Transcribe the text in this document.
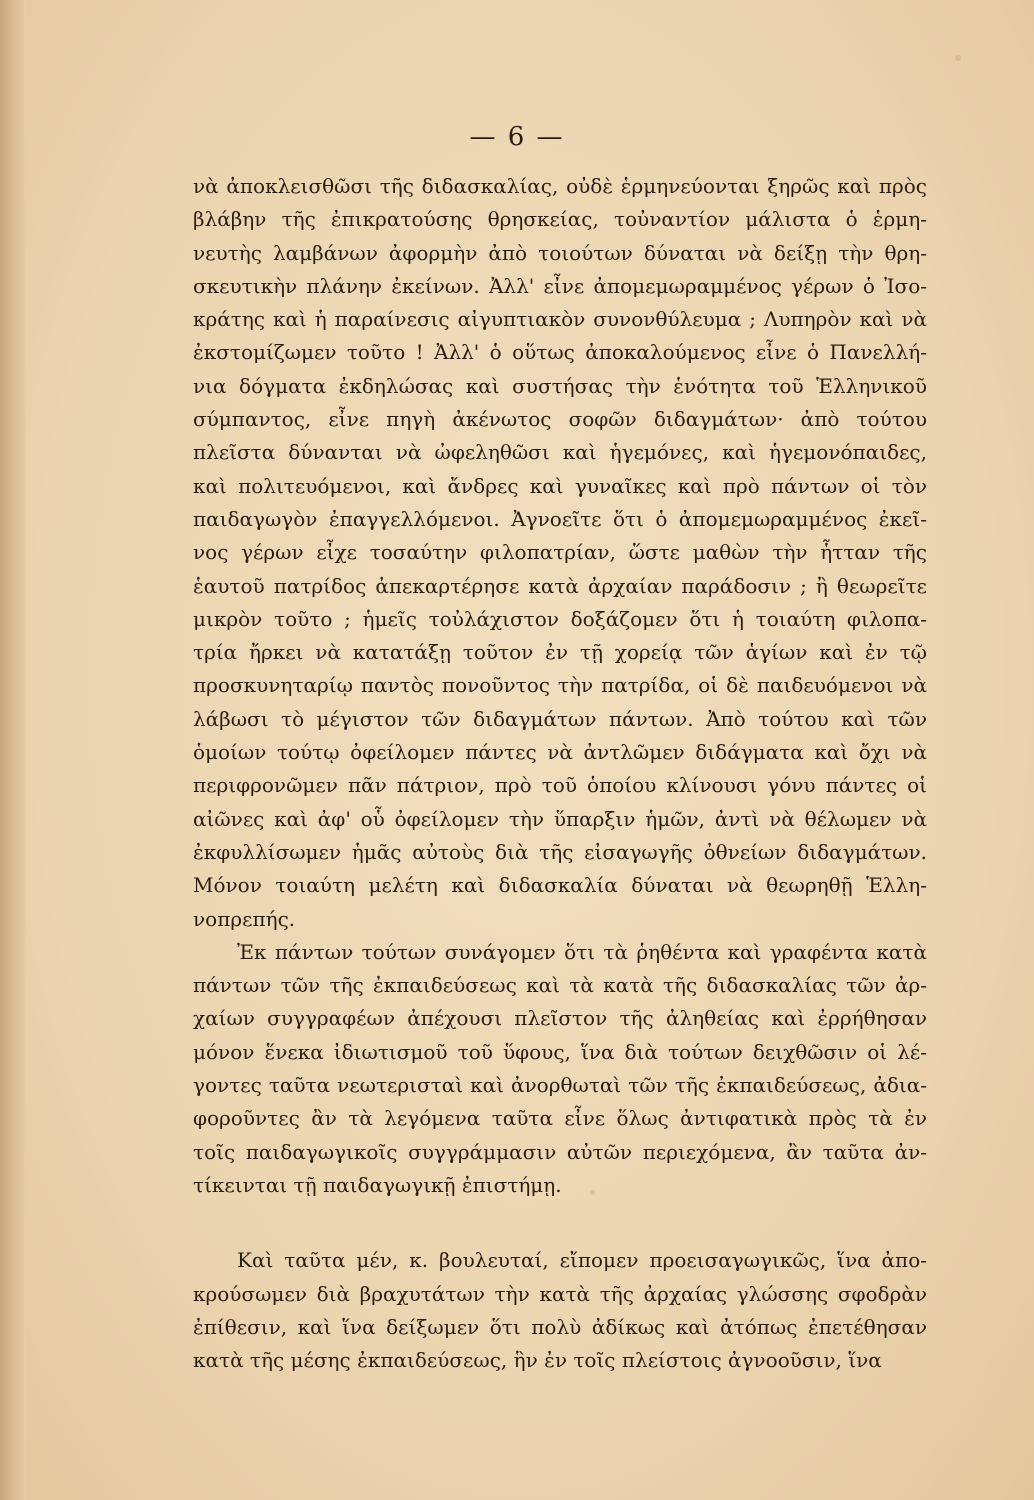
— 6 —
νὰ ἀποκλεισθῶσι τῆς διδασκαλίας, οὐδὲ ἑρμηνεύονται ξηρῶς καὶ πρὸς
βλάβην τῆς ἐπικρατούσης θρησκείας, τοὐναντίον μάλιστα ὁ ἑρμη-
νευτὴς λαμβάνων ἀφορμὴν ἀπὸ τοιούτων δύναται νὰ δείξῃ τὴν θρη-
σκευτικὴν πλάνην ἐκείνων. Ἀλλ' εἶνε ἀπομεμωραμμένος γέρων ὁ Ἰσο-
κράτης καὶ ἡ παραίνεσις αἰγυπτιακὸν συνονθύλευμα ; Λυπηρὸν καὶ νὰ
ἐκστομίζωμεν τοῦτο ! Ἀλλ' ὁ οὕτως ἀποκαλούμενος εἶνε ὁ Πανελλή-
νια δόγματα ἐκδηλώσας καὶ συστήσας τὴν ἑνότητα τοῦ Ἑλληνικοῦ
σύμπαντος, εἶνε πηγὴ ἀκένωτος σοφῶν διδαγμάτων· ἀπὸ τούτου
πλεῖστα δύνανται νὰ ὠφεληθῶσι καὶ ἡγεμόνες, καὶ ἡγεμονόπαιδες,
καὶ πολιτευόμενοι, καὶ ἄνδρες καὶ γυναῖκες καὶ πρὸ πάντων οἱ τὸν
παιδαγωγὸν ἐπαγγελλόμενοι. Ἀγνοεῖτε ὅτι ὁ ἀπομεμωραμμένος ἐκεῖ-
νος γέρων εἶχε τοσαύτην φιλοπατρίαν, ὥστε μαθὼν τὴν ἧτταν τῆς
ἑαυτοῦ πατρίδος ἀπεκαρτέρησε κατὰ ἀρχαίαν παράδοσιν ; ἢ θεωρεῖτε
μικρὸν τοῦτο ; ἡμεῖς τοὐλάχιστον δοξάζομεν ὅτι ἡ τοιαύτη φιλοπα-
τρία ἤρκει νὰ κατατάξῃ τοῦτον ἐν τῇ χορείᾳ τῶν ἁγίων καὶ ἐν τῷ
προσκυνηταρίῳ παντὸς πονοῦντος τὴν πατρίδα, οἱ δὲ παιδευόμενοι νὰ
λάβωσι τὸ μέγιστον τῶν διδαγμάτων πάντων. Ἀπὸ τούτου καὶ τῶν
ὁμοίων τούτῳ ὀφείλομεν πάντες νὰ ἀντλῶμεν διδάγματα καὶ ὄχι νὰ
περιφρονῶμεν πᾶν πάτριον, πρὸ τοῦ ὁποίου κλίνουσι γόνυ πάντες οἱ
αἰῶνες καὶ ἀφ' οὗ ὀφείλομεν τὴν ὕπαρξιν ἡμῶν, ἀντὶ νὰ θέλωμεν νὰ
ἐκφυλλίσωμεν ἡμᾶς αὐτοὺς διὰ τῆς εἰσαγωγῆς ὀθνείων διδαγμάτων.
Μόνον τοιαύτη μελέτη καὶ διδασκαλία δύναται νὰ θεωρηθῇ Ἑλλη-
νοπρεπής.
Ἐκ πάντων τούτων συνάγομεν ὅτι τὰ ῥηθέντα καὶ γραφέντα κατὰ
πάντων τῶν τῆς ἐκπαιδεύσεως καὶ τὰ κατὰ τῆς διδασκαλίας τῶν ἀρ-
χαίων συγγραφέων ἀπέχουσι πλεῖστον τῆς ἀληθείας καὶ ἐρρήθησαν
μόνον ἕνεκα ἰδιωτισμοῦ τοῦ ὕφους, ἵνα διὰ τούτων δειχθῶσιν οἱ λέ-
γοντες ταῦτα νεωτερισταὶ καὶ ἀνορθωταὶ τῶν τῆς ἐκπαιδεύσεως, ἀδια-
φοροῦντες ἂν τὰ λεγόμενα ταῦτα εἶνε ὅλως ἀντιφατικὰ πρὸς τὰ ἐν
τοῖς παιδαγωγικοῖς συγγράμμασιν αὐτῶν περιεχόμενα, ἂν ταῦτα ἀν-
τίκεινται τῇ παιδαγωγικῇ ἐπιστήμῃ.
Καὶ ταῦτα μέν, κ. βουλευταί, εἴπομεν προεισαγωγικῶς, ἵνα ἀπο-
κρούσωμεν διὰ βραχυτάτων τὴν κατὰ τῆς ἀρχαίας γλώσσης σφοδρὰν
ἐπίθεσιν, καὶ ἵνα δείξωμεν ὅτι πολὺ ἀδίκως καὶ ἀτόπως ἐπετέθησαν
κατὰ τῆς μέσης ἐκπαιδεύσεως, ἣν ἐν τοῖς πλείστοις ἀγνοοῦσιν, ἵνα
